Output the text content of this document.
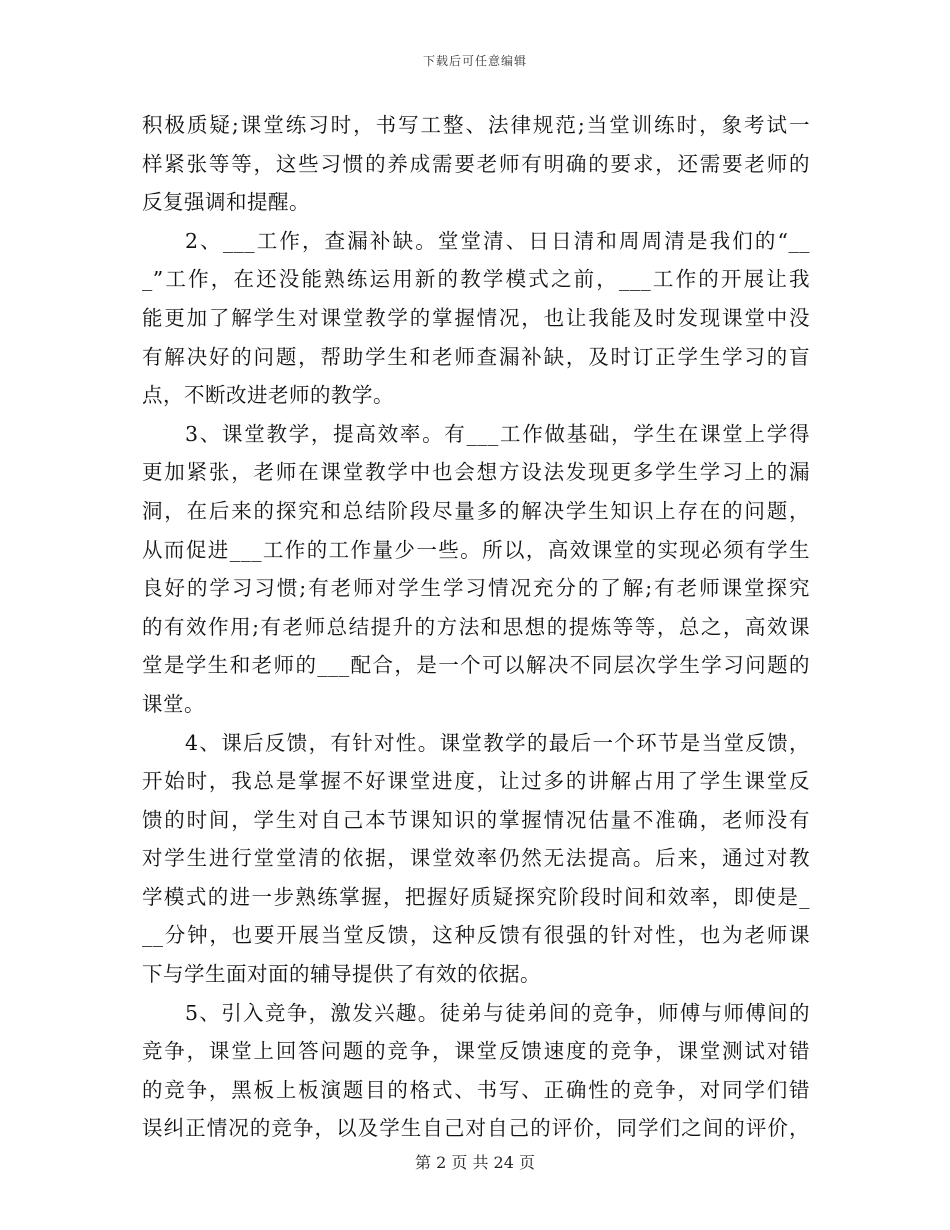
下载后可任意编辑
积极质疑;课堂练习时，书写工整、法律规范;当堂训练时，象考试一
样紧张等等，这些习惯的养成需要老师有明确的要求，还需要老师的
反复强调和提醒。
2、___工作，查漏补缺。堂堂清、日日清和周周清是我们的“__
_”工作，在还没能熟练运用新的教学模式之前，___工作的开展让我
能更加了解学生对课堂教学的掌握情况，也让我能及时发现课堂中没
有解决好的问题，帮助学生和老师查漏补缺，及时订正学生学习的盲
点，不断改进老师的教学。
3、课堂教学，提高效率。有___工作做基础，学生在课堂上学得
更加紧张，老师在课堂教学中也会想方设法发现更多学生学习上的漏
洞，在后来的探究和总结阶段尽量多的解决学生知识上存在的问题，
从而促进___工作的工作量少一些。所以，高效课堂的实现必须有学生
良好的学习习惯;有老师对学生学习情况充分的了解;有老师课堂探究
的有效作用;有老师总结提升的方法和思想的提炼等等，总之，高效课
堂是学生和老师的___配合，是一个可以解决不同层次学生学习问题的
课堂。
4、课后反馈，有针对性。课堂教学的最后一个环节是当堂反馈，
开始时，我总是掌握不好课堂进度，让过多的讲解占用了学生课堂反
馈的时间，学生对自己本节课知识的掌握情况估量不准确，老师没有
对学生进行堂堂清的依据，课堂效率仍然无法提高。后来，通过对教
学模式的进一步熟练掌握，把握好质疑探究阶段时间和效率，即使是_
__分钟，也要开展当堂反馈，这种反馈有很强的针对性，也为老师课
下与学生面对面的辅导提供了有效的依据。
5、引入竞争，激发兴趣。徒弟与徒弟间的竞争，师傅与师傅间的
竞争，课堂上回答问题的竞争，课堂反馈速度的竞争，课堂测试对错
的竞争，黑板上板演题目的格式、书写、正确性的竞争，对同学们错
误纠正情况的竞争，以及学生自己对自己的评价，同学们之间的评价，
第 2 页 共 24 页
